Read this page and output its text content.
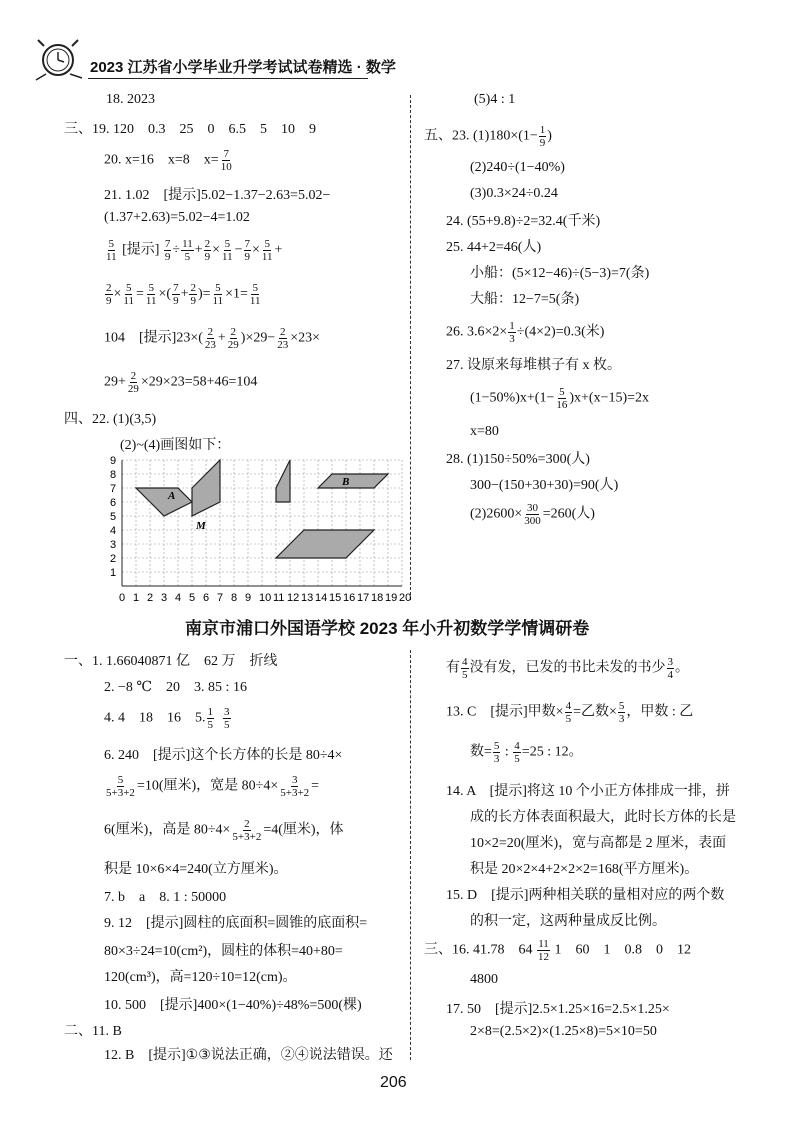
2023 江苏省小学毕业升学考试试卷精选 · 数学
18. 2023
三、19. 120　0.3　25　0　6.5　5　10　9
20. x=16　x=8　$x= \frac{7}{10}$
21. 1.02　[提示]5.02−1.37−2.63=5.02−
(1.37+2.63)=5.02−4=1.02
$\frac{5}{11}$ [提示] $\frac{7}{9} \div \frac{11}{5} + \frac{2}{9} \times \frac{5}{11} - \frac{7}{9} \times \frac{5}{11}$ +
$\frac{2}{9} \times \frac{5}{11} = \frac{5}{11}$ ×( $\frac{7}{9} + \frac{2}{9}$ )= $\frac{5}{11} \times 1= \frac{5}{11}$
104　[提示]$23\times( \frac{2}{23} + \frac{2}{29} )\times 29- \frac{2}{23} \times 23\times$
$29+ \frac{2}{29} \times 29\times 23=58+46=104$
四、22. (1)(3,5)
(2)~(4)画图如下：
A
B
M
9
8
7
6
5
4
3
2
1
0 1 2 3 4 5 6 7 8 9 10 11 12 13 14 15 16 17 18 19 20
(5)4 : 1
五、23. $(1)180\times(1- \frac{1}{9}$ )
(2)240÷(1−40%)
(3)0.3×24÷0.24
24. (55+9.8)÷2=32.4(千米)
25. 44+2=46(人)
小船：(5×12−46)÷(5−3)=7(条)
大船：12−7=5(条)
26. $3.6\times 2\times \frac{1}{3} \div(4\times 2)=0.3$(米)
27. 设原来每堆棋子有 x 枚。
$(1-50\%)x+(1- \frac{5}{16} )x+(x-15)=2x$
x=80
28. (1)150÷50%=300(人)
300−(150+30+30)=90(人)
$(2)2600\times \frac{30}{300} =260$(人)
南京市浦口外国语学校 2023 年小升初数学学情调研卷
一、1. 1.66040871 亿　62 万　折线
2. −8 ℃　20　3. 85 : 16
4. 4　18　16　5. $\frac{1}{5}$
$\frac{3}{5}$
6. 240　[提示]这个长方体的长是 80÷4×
$\frac{5}{5+3+2} =10$(厘米)，宽是 $80\div 4\times \frac{3}{5+3+2}$ =
6(厘米)，高是 $80\div 4\times \frac{2}{5+3+2} =4$(厘米)，体
积是 10×6×4=240(立方厘米)。
7. b　a　8. 1 : 50000
9. 12　[提示]圆柱的底面积=圆锥的底面积=
80×3÷24=10(cm²)，圆柱的体积=40+80=
120(cm³)，高=120÷10=12(cm)。
10. 500　[提示]400×(1−40%)÷48%=500(棵)
二、11. B
12. B　[提示]①③说法正确，②④说法错误。还
有 $\frac{4}{5}$ 没有发，已发的书比未发的书少 $\frac{3}{4}$ 。
13. C　[提示]甲数× $\frac{4}{5}$ =乙数× $\frac{5}{3}$ ，甲数 : 乙
数= $\frac{5}{3}$ : $\frac{4}{5} =25$ : 12。
14. A　[提示]将这 10 个小正方体排成一排，拼
成的长方体表面积最大，此时长方体的长是
10×2=20(厘米)，宽与高都是 2 厘米，表面
积是 20×2×4+2×2×2=168(平方厘米)。
15. D　[提示]两种相关联的量相对应的两个数
的积一定，这两种量成反比例。
三、16. 41.78　$64 \frac{11}{12} 1$　60　1　0.8　0　12
4800
17. 50　[提示]2.5×1.25×16=2.5×1.25×
2×8=(2.5×2)×(1.25×8)=5×10=50
206
